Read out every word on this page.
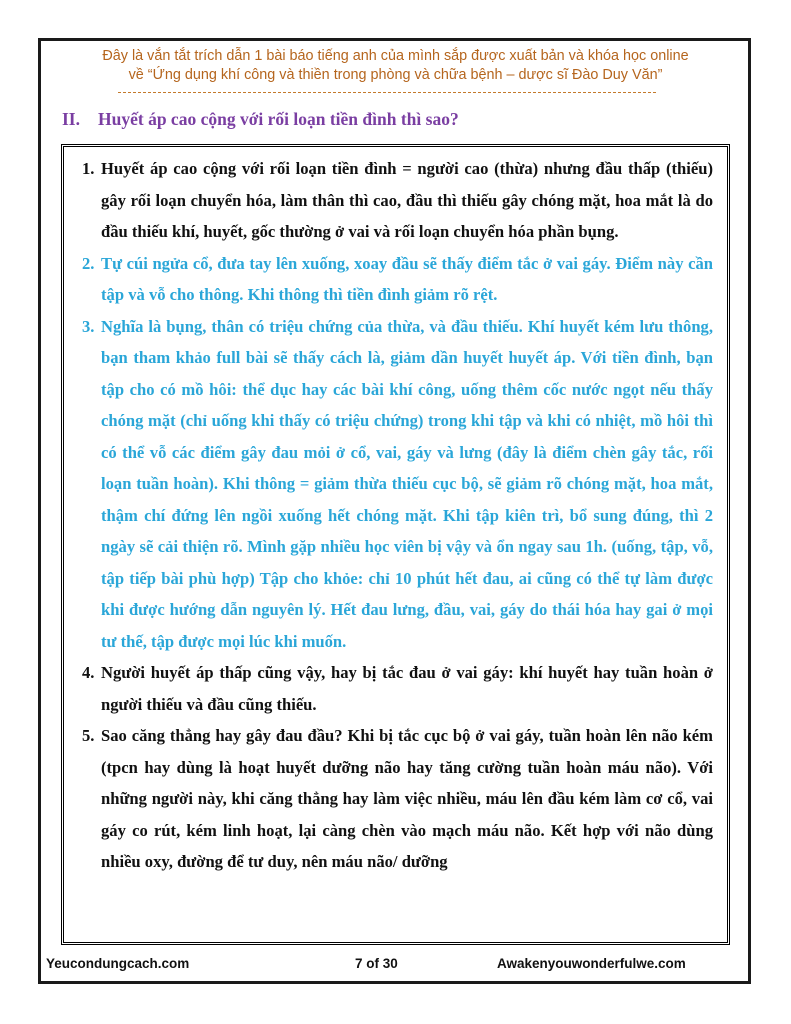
Đây là vắn tắt trích dẫn 1 bài báo tiếng anh của mình sắp được xuất bản và khóa học online
về “Ứng dụng khí công và thiền trong phòng và chữa bệnh – dược sĩ Đào Duy Văn”
II. Huyết áp cao cộng với rối loạn tiền đình thì sao?
1. Huyết áp cao cộng với rối loạn tiền đình = người cao (thừa) nhưng đầu thấp (thiếu) gây rối loạn chuyển hóa, làm thân thì cao, đầu thì thiếu gây chóng mặt, hoa mắt là do đầu thiếu khí, huyết, gốc thường ở vai và rối loạn chuyển hóa phần bụng.
2. Tự cúi ngửa cổ, đưa tay lên xuống, xoay đầu sẽ thấy điểm tắc ở vai gáy. Điểm này cần tập và vỗ cho thông. Khi thông thì tiền đình giảm rõ rệt.
3. Nghĩa là bụng, thân có triệu chứng của thừa, và đầu thiếu. Khí huyết kém lưu thông, bạn tham khảo full bài sẽ thấy cách là, giảm dần huyết huyết áp. Với tiền đình, bạn tập cho có mồ hôi: thể dục hay các bài khí công, uống thêm cốc nước ngọt nếu thấy chóng mặt (chỉ uống khi thấy có triệu chứng) trong khi tập và khi có nhiệt, mồ hôi thì có thể vỗ các điểm gây đau mỏi ở cổ, vai, gáy và lưng (đây là điểm chèn gây tắc, rối loạn tuần hoàn). Khi thông = giảm thừa thiếu cục bộ, sẽ giảm rõ chóng mặt, hoa mắt, thậm chí đứng lên ngồi xuống hết chóng mặt. Khi tập kiên trì, bổ sung đúng, thì 2 ngày sẽ cải thiện rõ. Mình gặp nhiều học viên bị vậy và ổn ngay sau 1h. (uống, tập, vỗ, tập tiếp bài phù hợp) Tập cho khỏe: chỉ 10 phút hết đau, ai cũng có thể tự làm được khi được hướng dẫn nguyên lý. Hết đau lưng, đầu, vai, gáy do thái hóa hay gai ở mọi tư thế, tập được mọi lúc khi muốn.
4. Người huyết áp thấp cũng vậy, hay bị tắc đau ở vai gáy: khí huyết hay tuần hoàn ở người thiếu và đầu cũng thiếu.
5. Sao căng thẳng hay gây đau đầu? Khi bị tắc cục bộ ở vai gáy, tuần hoàn lên não kém (tpcn hay dùng là hoạt huyết dưỡng não hay tăng cường tuần hoàn máu não). Với những người này, khi căng thẳng hay làm việc nhiều, máu lên đầu kém làm cơ cổ, vai gáy co rút, kém linh hoạt, lại càng chèn vào mạch máu não. Kết hợp với não dùng nhiều oxy, đường để tư duy, nên máu não/ dưỡng
Yeucondungcach.com	7 of 30	Awakenyouwonderfulwe.com
